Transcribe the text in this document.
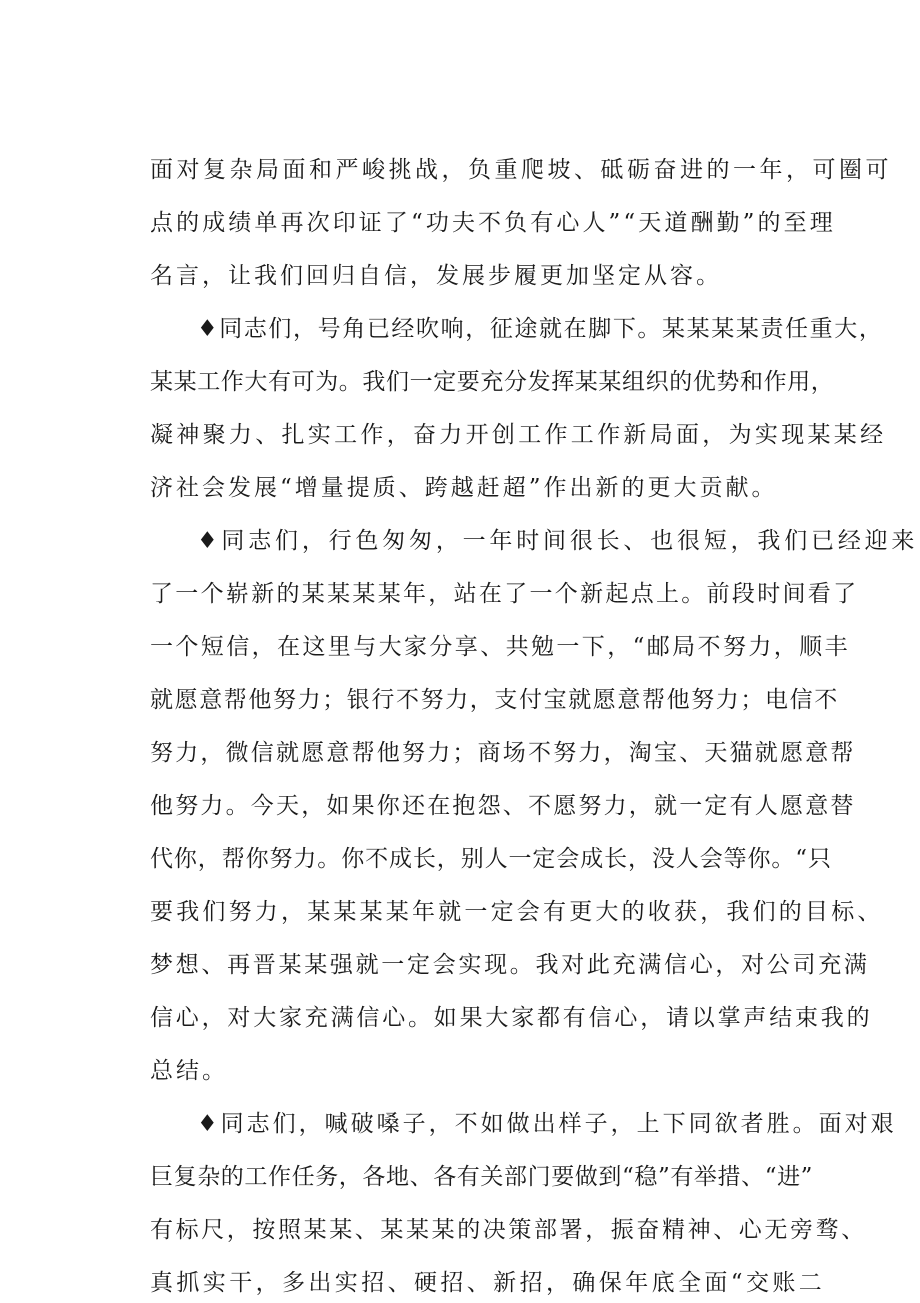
面对复杂局面和严峻挑战，负重爬坡、砥砺奋进的一年，可圈可
点的成绩单再次印证了“功夫不负有心人”“天道酬勤”的至理
名言，让我们回归自信，发展步履更加坚定从容。
♦同志们，号角已经吹响，征途就在脚下。某某某某责任重大，
某某工作大有可为。我们一定要充分发挥某某组织的优势和作用，
凝神聚力、扎实工作，奋力开创工作工作新局面，为实现某某经
济社会发展“增量提质、跨越赶超”作出新的更大贡献。
♦同志们，行色匆匆，一年时间很长、也很短，我们已经迎来
了一个崭新的某某某某年，站在了一个新起点上。前段时间看了
一个短信，在这里与大家分享、共勉一下，“邮局不努力，顺丰
就愿意帮他努力；银行不努力，支付宝就愿意帮他努力；电信不
努力，微信就愿意帮他努力；商场不努力，淘宝、天猫就愿意帮
他努力。今天，如果你还在抱怨、不愿努力，就一定有人愿意替
代你，帮你努力。你不成长，别人一定会成长，没人会等你。“只
要我们努力，某某某某年就一定会有更大的收获，我们的目标、
梦想、再晋某某强就一定会实现。我对此充满信心，对公司充满
信心，对大家充满信心。如果大家都有信心，请以掌声结束我的
总结。
♦同志们，喊破嗓子，不如做出样子，上下同欲者胜。面对艰
巨复杂的工作任务，各地、各有关部门要做到“稳”有举措、“进”
有标尺，按照某某、某某某的决策部署，振奋精神、心无旁骛、
真抓实干，多出实招、硬招、新招，确保年底全面“交账二
